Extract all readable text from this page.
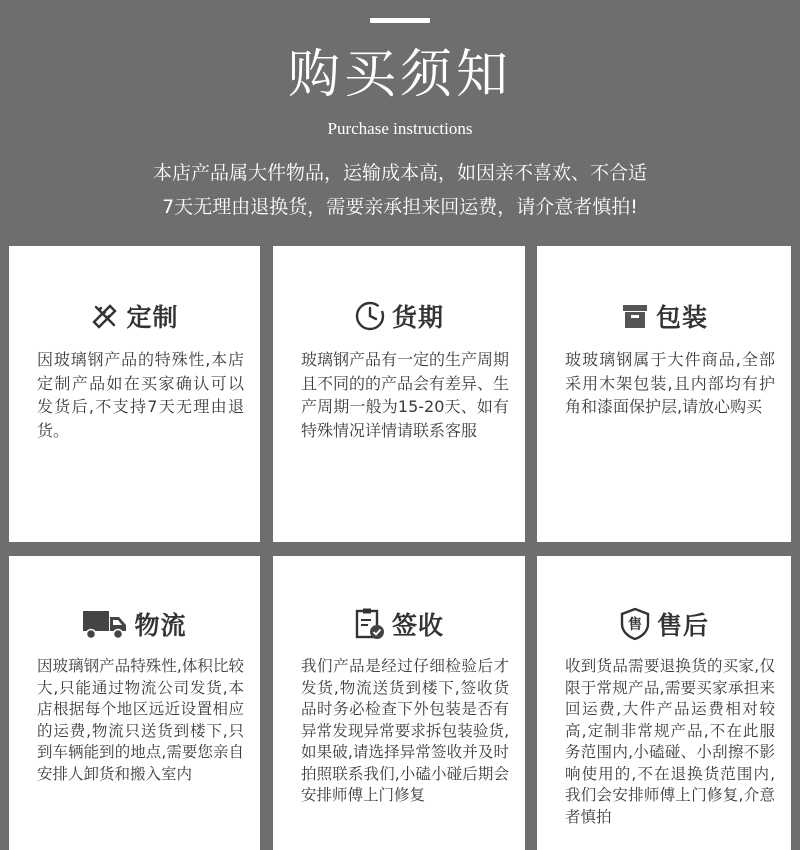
购买须知
Purchase instructions
本店产品属大件物品，运输成本高，如因亲不喜欢、不合适
7天无理由退换货，需要亲承担来回运费，请介意者慎拍!
定制
因玻璃钢产品的特殊性,本店定制产品如在买家确认可以发货后,不支持7天无理由退货。
货期
玻璃钢产品有一定的生产周期且不同的的产品会有差异、生产周期一般为15-20天、如有特殊情况详情请联系客服
包装
玻玻璃钢属于大件商品,全部采用木架包装,且内部均有护角和漆面保护层,请放心购买
物流
因玻璃钢产品特殊性,体积比较大,只能通过物流公司发货,本店根据每个地区远近设置相应的运费,物流只送货到楼下,只到车辆能到的地点,需要您亲自安排人卸货和搬入室内
签收
我们产品是经过仔细检验后才发货,物流送货到楼下,签收货品时务必检查下外包装是否有异常发现异常要求拆包装验货,如果破,请选择异常签收并及时拍照联系我们,小磕小碰后期会安排师傅上门修复
售 售后
收到货品需要退换货的买家,仅限于常规产品,需要买家承担来回运费,大件产品运费相对较高,定制非常规产品,不在此服务范围内,小磕碰、小刮擦不影响使用的,不在退换货范围内,我们会安排师傅上门修复,介意者慎拍
